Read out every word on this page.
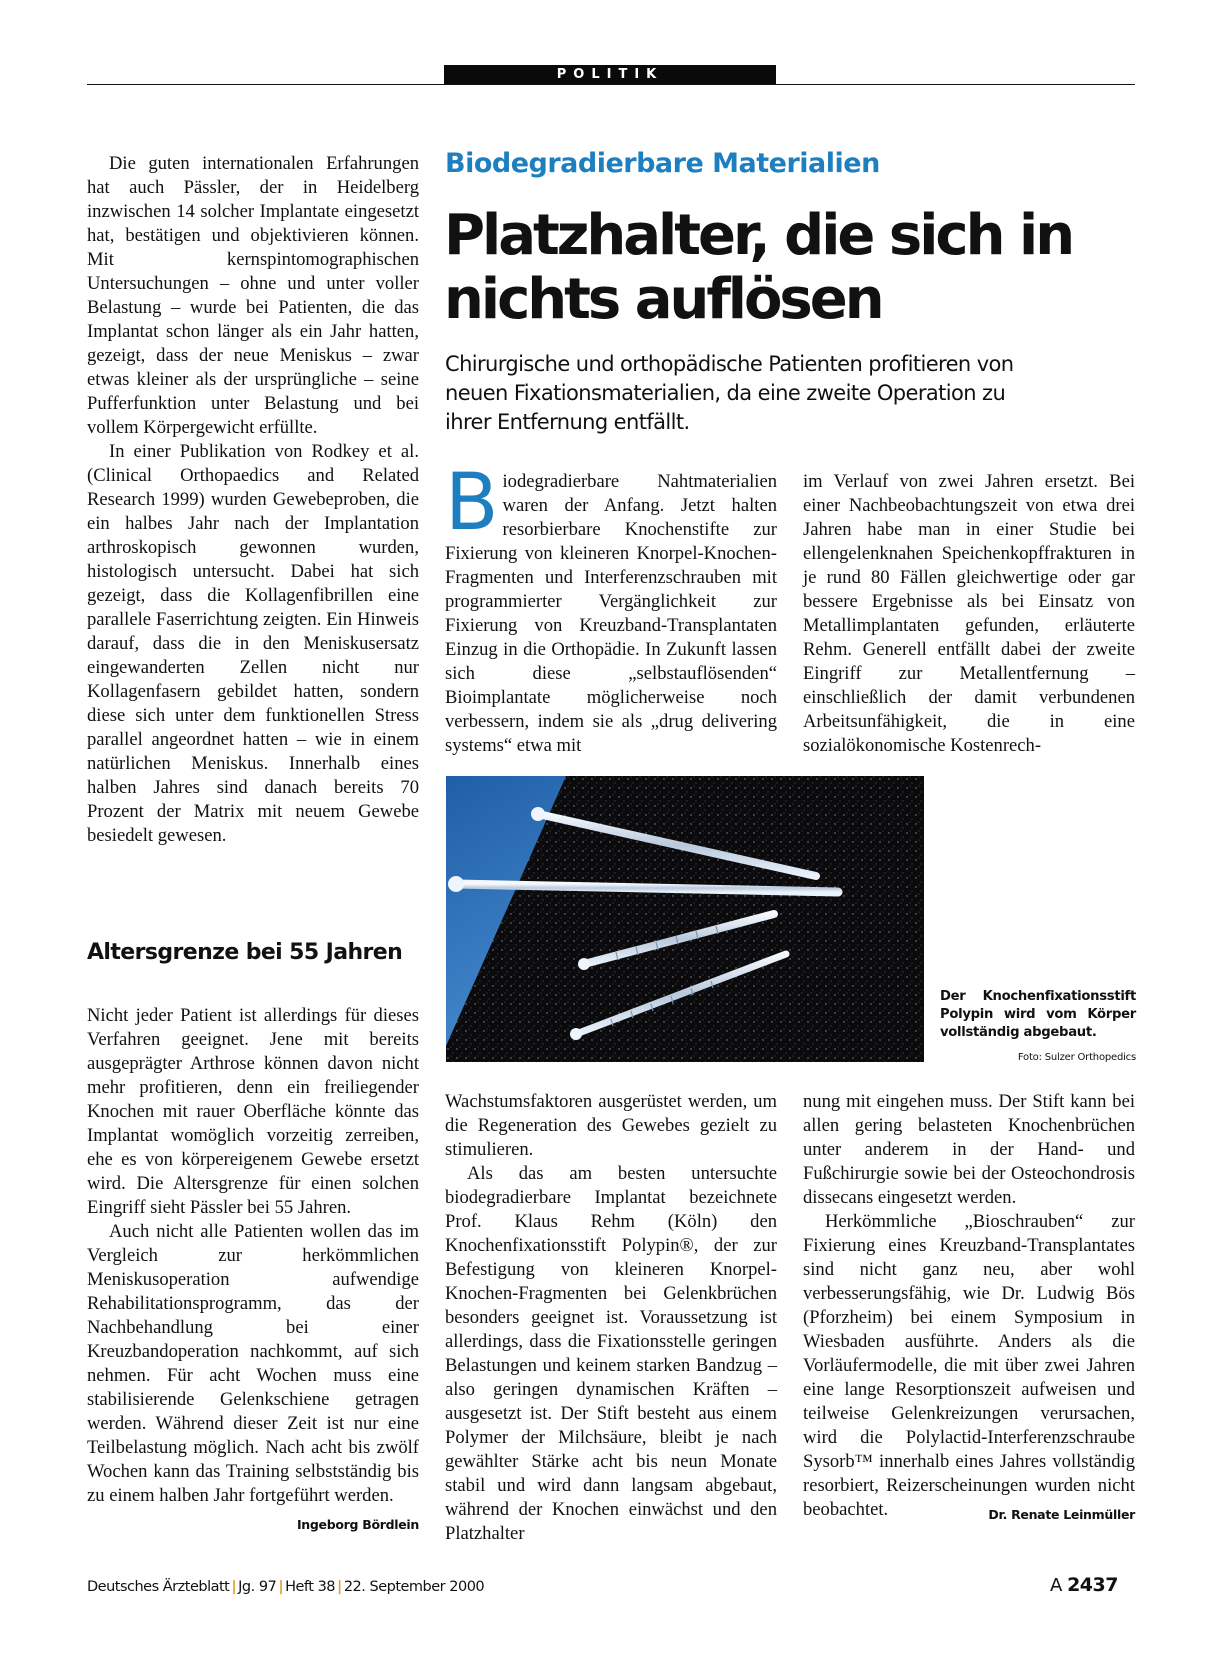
POLITIK

Die guten internationalen Erfahrungen hat auch Pässler, der in Heidelberg inzwischen 14 solcher Implantate eingesetzt hat, bestätigen und objektivieren können. Mit kernspintomographischen Untersuchungen – ohne und unter voller Belastung – wurde bei Patienten, die das Implantat schon länger als ein Jahr hatten, gezeigt, dass der neue Meniskus – zwar etwas kleiner als der ursprüngliche – seine Pufferfunktion unter Belastung und bei vollem Körpergewicht erfüllte.

In einer Publikation von Rodkey et al. (Clinical Orthopaedics and Related Research 1999) wurden Gewebeproben, die ein halbes Jahr nach der Implantation arthroskopisch gewonnen wurden, histologisch untersucht. Dabei hat sich gezeigt, dass die Kollagenfibrillen eine parallele Faserrichtung zeigten. Ein Hinweis darauf, dass die in den Meniskusersatz eingewanderten Zellen nicht nur Kollagenfasern gebildet hatten, sondern diese sich unter dem funktionellen Stress parallel angeordnet hatten – wie in einem natürlichen Meniskus. Innerhalb eines halben Jahres sind danach bereits 70 Prozent der Matrix mit neuem Gewebe besiedelt gewesen.

Altersgrenze bei 55 Jahren

Nicht jeder Patient ist allerdings für dieses Verfahren geeignet. Jene mit bereits ausgeprägter Arthrose können davon nicht mehr profitieren, denn ein freiliegender Knochen mit rauer Oberfläche könnte das Implantat womöglich vorzeitig zerreiben, ehe es von körpereigenem Gewebe ersetzt wird. Die Altersgrenze für einen solchen Eingriff sieht Pässler bei 55 Jahren.

Auch nicht alle Patienten wollen das im Vergleich zur herkömmlichen Meniskusoperation aufwendige Rehabilitationsprogramm, das der Nachbehandlung bei einer Kreuzbandoperation nachkommt, auf sich nehmen. Für acht Wochen muss eine stabilisierende Gelenkschiene getragen werden. Während dieser Zeit ist nur eine Teilbelastung möglich. Nach acht bis zwölf Wochen kann das Training selbstständig bis zu einem halben Jahr fortgeführt werden.
Ingeborg Bördlein

Biodegradierbare Materialien
Platzhalter, die sich in nichts auflösen

Chirurgische und orthopädische Patienten profitieren von neuen Fixationsmaterialien, da eine zweite Operation zu ihrer Entfernung entfällt.

Biodegradierbare Nahtmaterialien waren der Anfang. Jetzt halten resorbierbare Knochenstifte zur Fixierung von kleineren Knorpel-Knochen-Fragmenten und Interferenzschrauben mit programmierter Vergänglichkeit zur Fixierung von Kreuzband-Transplantaten Einzug in die Orthopädie. In Zukunft lassen sich diese „selbstauflösenden“ Bioimplantate möglicherweise noch verbessern, indem sie als „drug delivering systems“ etwa mit

im Verlauf von zwei Jahren ersetzt. Bei einer Nachbeobachtungszeit von etwa drei Jahren habe man in einer Studie bei ellengelenknahen Speichenkopffrakturen in je rund 80 Fällen gleichwertige oder gar bessere Ergebnisse als bei Einsatz von Metallimplantaten gefunden, erläuterte Rehm. Generell entfällt dabei der zweite Eingriff zur Metallentfernung – einschließlich der damit verbundenen Arbeitsunfähigkeit, die in eine sozialökonomische Kostenrech-

Der Knochenfixationsstift Polypin wird vom Körper vollständig abgebaut.

Foto: Sulzer Orthopedics

Wachstumsfaktoren ausgerüstet werden, um die Regeneration des Gewebes gezielt zu stimulieren.

Als das am besten untersuchte biodegradierbare Implantat bezeichnete Prof. Klaus Rehm (Köln) den Knochenfixationsstift Polypin®, der zur Befestigung von kleineren Knorpel-Knochen-Fragmenten bei Gelenkbrüchen besonders geeignet ist. Voraussetzung ist allerdings, dass die Fixationsstelle geringen Belastungen und keinem starken Bandzug – also geringen dynamischen Kräften – ausgesetzt ist. Der Stift besteht aus einem Polymer der Milchsäure, bleibt je nach gewählter Stärke acht bis neun Monate stabil und wird dann langsam abgebaut, während der Knochen einwächst und den Platzhalter

nung mit eingehen muss. Der Stift kann bei allen gering belasteten Knochenbrüchen unter anderem in der Hand- und Fußchirurgie sowie bei der Osteochondrosis dissecans eingesetzt werden.

Herkömmliche „Bioschrauben“ zur Fixierung eines Kreuzband-Transplantates sind nicht ganz neu, aber wohl verbesserungsfähig, wie Dr. Ludwig Bös (Pforzheim) bei einem Symposium in Wiesbaden ausführte. Anders als die Vorläufermodelle, die mit über zwei Jahren eine lange Resorptionszeit aufweisen und teilweise Gelenkreizungen verursachen, wird die Polylactid-Interferenzschraube Sysorb™ innerhalb eines Jahres vollständig resorbiert, Reizerscheinungen wurden nicht beobachtet.	Dr. Renate Leinmüller

Deutsches Ärzteblatt | Jg. 97 | Heft 38 | 22. September 2000	A 2437
